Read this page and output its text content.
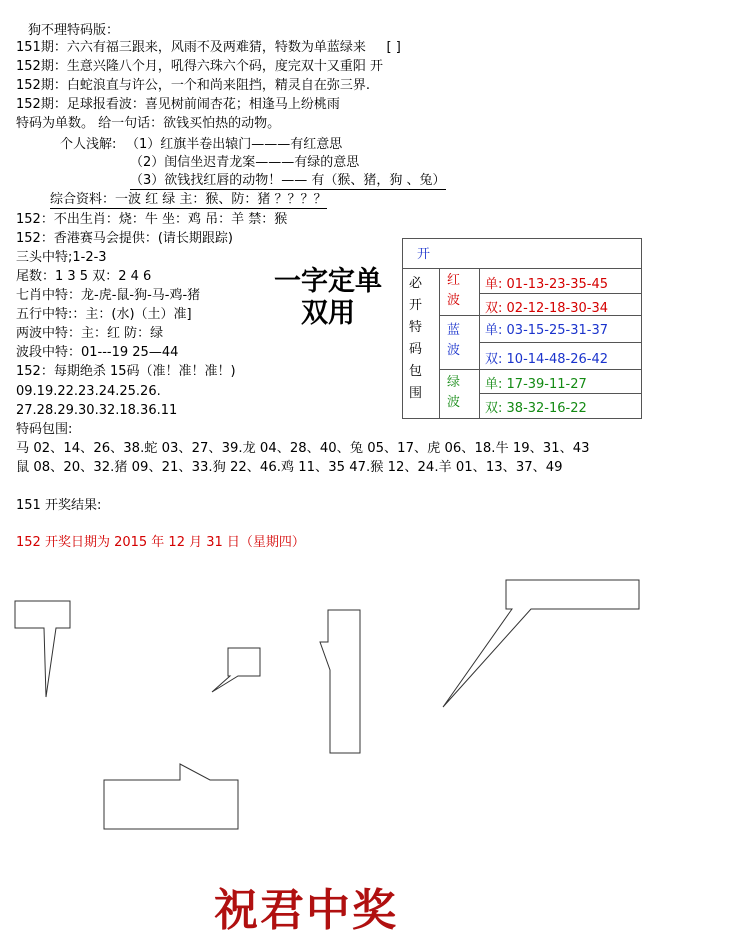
狗不理特码版：
151期：六六有福三跟来，风雨不及两难猜，特数为单蓝绿来 [ ]
152期：生意兴隆八个月，吼得六珠六个码，度完双十又重阳 开
152期：白蛇浪直与许公，一个和尚来阻挡，精灵自在弥三界.
152期：足球报看波：喜见树前闹杏花；相逢马上纷桃雨
特码为单数。 给一句话：欲钱买怕热的动物。
个人浅解: （1）红旗半卷出辕门———有红意思
（2）闺信坐迟青龙案———有绿的意思
（3）欲钱找红唇的动物！—— 有（猴、猪，狗 、兔）
综合资料：一波 红 绿 主：猴、防：猪 ？？？？
152：不出生肖：烧：牛 坐：鸡 吊：羊 禁：猴
152：香港赛马会提供：(请长期跟踪)
三头中特;1-2-3
尾数：1 3 5 双：2 4 6
七肖中特：龙-虎-鼠-狗-马-鸡-猪
五行中特:：主：(水)（土）准]
两波中特：主：红 防：绿
波段中特：01---19 25—44
152：每期绝杀 15码（准！准！准！)
09.19.22.23.24.25.26.
27.28.29.30.32.18.36.11
一字定单双用
开
必开特码包围
红波
蓝波
绿波
单: 01-13-23-35-45
双: 02-12-18-30-34
单: 03-15-25-31-37
双: 10-14-48-26-42
单: 17-39-11-27
双: 38-32-16-22
特码包围:
马 02、14、26、38.蛇 03、27、39.龙 04、28、40、兔 05、17、虎 06、18.牛 19、31、43
鼠 08、20、32.猪 09、21、33.狗 22、46.鸡 11、35 47.猴 12、24.羊 01、13、37、49
151 开奖结果:
152 开奖日期为 2015 年 12 月 31 日（星期四）
祝君中奖
